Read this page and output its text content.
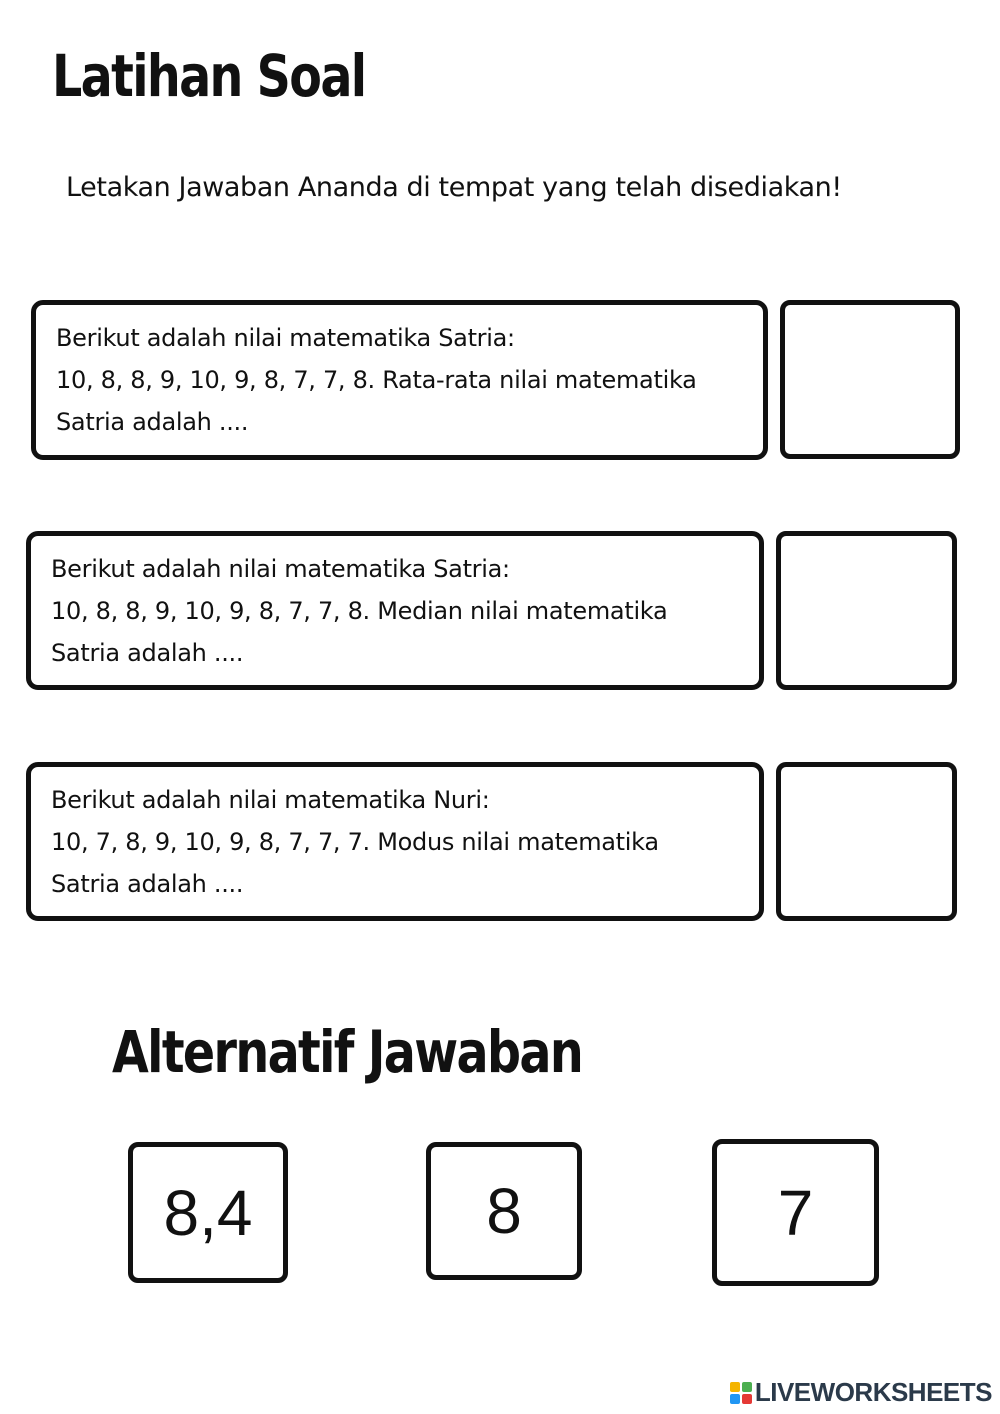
Latihan Soal

Letakan Jawaban Ananda di tempat yang telah disediakan!

Berikut adalah nilai matematika Satria:
10, 8, 8, 9, 10, 9, 8, 7, 7, 8. Rata-rata nilai matematika
Satria adalah ....
Berikut adalah nilai matematika Satria:
10, 8, 8, 9, 10, 9, 8, 7, 7, 8. Median nilai matematika
Satria adalah ....
Berikut adalah nilai matematika Nuri:
10, 7, 8, 9, 10, 9, 8, 7, 7, 7. Modus nilai matematika
Satria adalah ....
Alternatif Jawaban
8,4	8	7
LIVEWORKSHEETS
